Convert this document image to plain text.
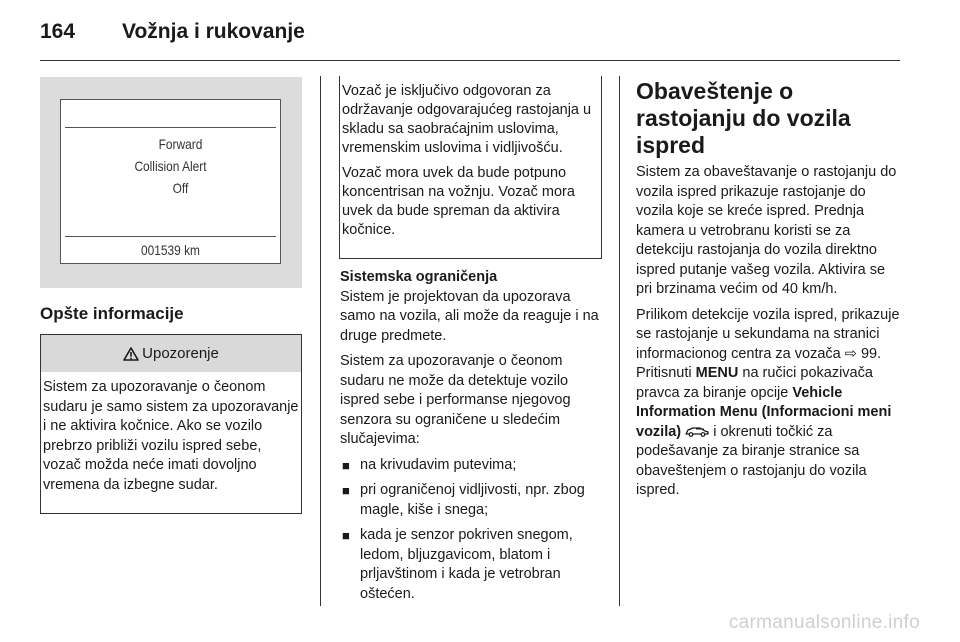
164	Vožnja i rukovanje
Forward
Collision Alert
Off
001539 km
Opšte informacije
Upozorenje
Sistem za upozoravanje o čeonom sudaru je samo sistem za upozoravanje i ne aktivira kočnice. Ako se vozilo prebrzo približi vozilu ispred sebe, vozač možda neće imati dovoljno vremena da izbegne sudar.

Vozač je isključivo odgovoran za održavanje odgovarajućeg rastojanja u skladu sa saobraćajnim uslovima, vremenskim uslovima i vidljivošću.

Vozač mora uvek da bude potpuno koncentrisan na vožnju. Vozač mora uvek da bude spreman da aktivira kočnice.

Sistemska ograničenja

Sistem je projektovan da upozorava samo na vozila, ali može da reaguje i na druge predmete.

Sistem za upozoravanje o čeonom sudaru ne može da detektuje vozilo ispred sebe i performanse njegovog senzora su ograničene u sledećim slučajevima:

■ na krivudavim putevima;
■ pri ograničenoj vidljivosti, npr. zbog magle, kiše i snega;
■ kada je senzor pokriven snegom, ledom, bljuzgavicom, blatom i prljavštinom i kada je vetrobran oštećen.
Obaveštenje o rastojanju do vozila ispred

Sistem za obaveštavanje o rastojanju do vozila ispred prikazuje rastojanje do vozila koje se kreće ispred. Prednja kamera u vetrobranu koristi se za detekciju rastojanja do vozila direktno ispred putanje vašeg vozila. Aktivira se pri brzinama većim od 40 km/h.

Prilikom detekcije vozila ispred, prikazuje se rastojanje u sekundama na stranici informacionog centra za vozača ⇨ 99. Pritisnuti MENU na ručici pokazivača pravca za biranje opcije Vehicle Information Menu (Informacioni meni vozila) i okrenuti točkić za podešavanje za biranje stranice sa obaveštenjem o rastojanju do vozila ispred.

carmanualsonline.info
